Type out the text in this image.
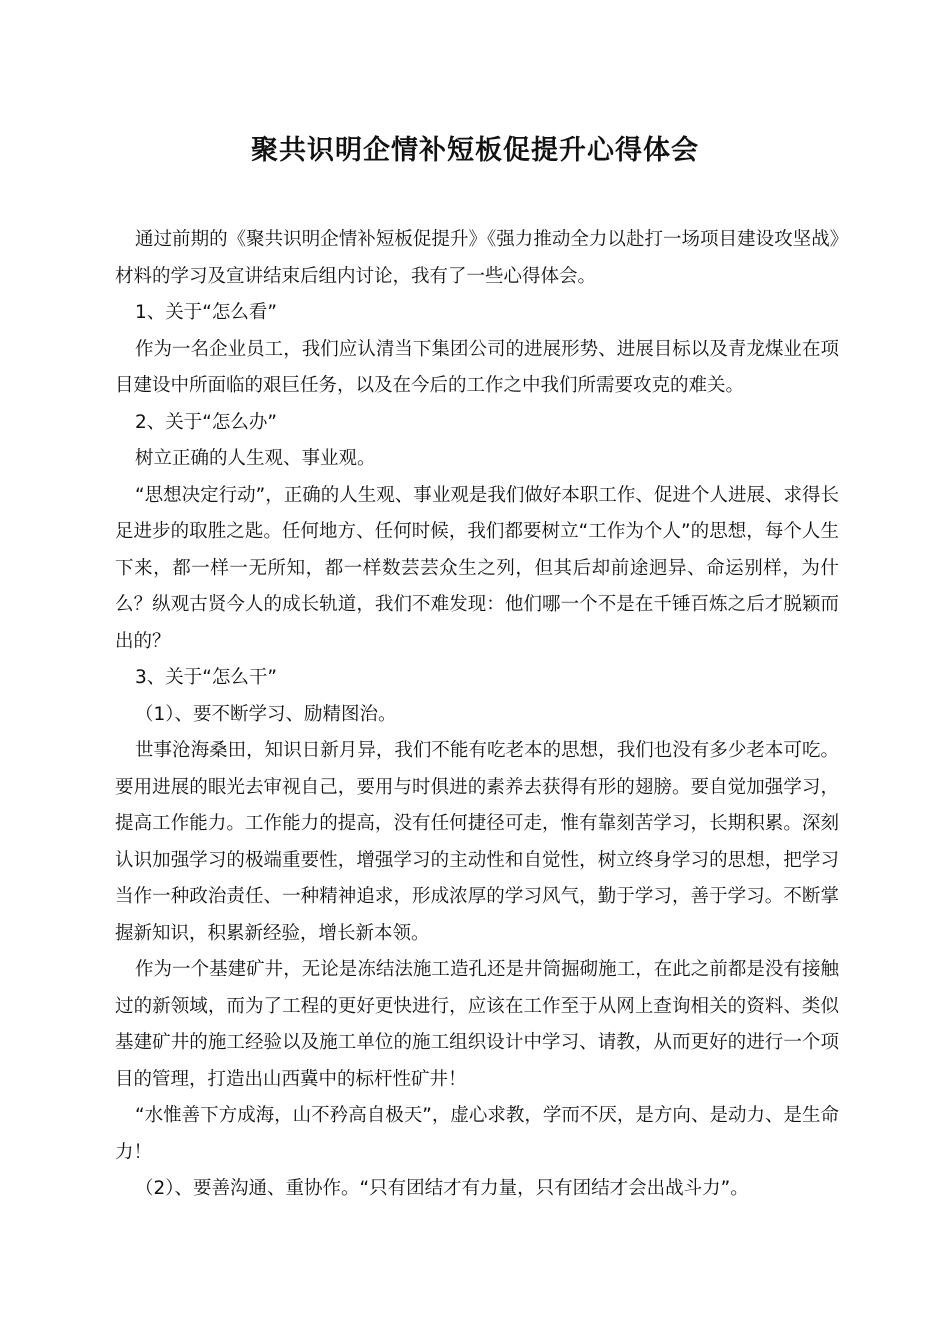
聚共识明企情补短板促提升心得体会

通过前期的《聚共识明企情补短板促提升》《强力推动全力以赴打一场项目建设攻坚战》材料的学习及宣讲结束后组内讨论，我有了一些心得体会。

1、关于“怎么看”

作为一名企业员工，我们应认清当下集团公司的进展形势、进展目标以及青龙煤业在项目建设中所面临的艰巨任务，以及在今后的工作之中我们所需要攻克的难关。

2、关于“怎么办”

树立正确的人生观、事业观。

“思想决定行动”，正确的人生观、事业观是我们做好本职工作、促进个人进展、求得长足进步的取胜之匙。任何地方、任何时候，我们都要树立“工作为个人”的思想，每个人生下来，都一样一无所知，都一样数芸芸众生之列，但其后却前途迥异、命运别样，为什么？纵观古贤今人的成长轨道，我们不难发现：他们哪一个不是在千锤百炼之后才脱颖而出的？

3、关于“怎么干”

（1）、要不断学习、励精图治。

世事沧海桑田，知识日新月异，我们不能有吃老本的思想，我们也没有多少老本可吃。要用进展的眼光去审视自己，要用与时俱进的素养去获得有形的翅膀。要自觉加强学习，提高工作能力。工作能力的提高，没有任何捷径可走，惟有靠刻苦学习，长期积累。深刻认识加强学习的极端重要性，增强学习的主动性和自觉性，树立终身学习的思想，把学习当作一种政治责任、一种精神追求，形成浓厚的学习风气，勤于学习，善于学习。不断掌握新知识，积累新经验，增长新本领。

作为一个基建矿井，无论是冻结法施工造孔还是井筒掘砌施工，在此之前都是没有接触过的新领域，而为了工程的更好更快进行，应该在工作至于从网上查询相关的资料、类似基建矿井的施工经验以及施工单位的施工组织设计中学习、请教，从而更好的进行一个项目的管理，打造出山西冀中的标杆性矿井！

“水惟善下方成海，山不矜高自极天”，虚心求教，学而不厌，是方向、是动力、是生命力！

（2）、要善沟通、重协作。“只有团结才有力量，只有团结才会出战斗力”。
